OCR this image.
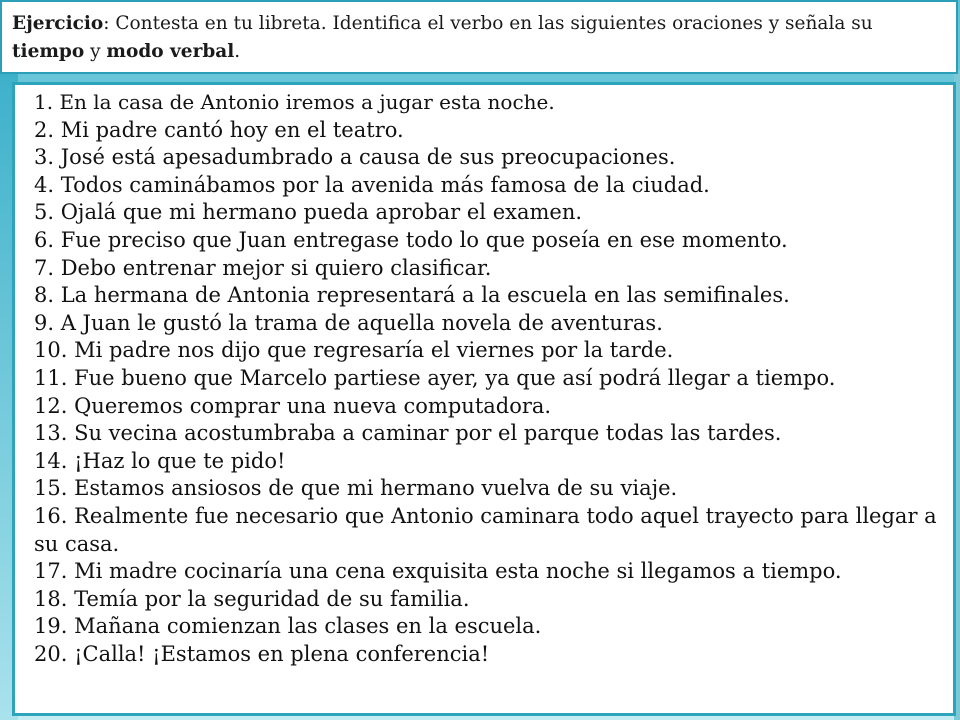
Ejercicio: Contesta en tu libreta. Identifica el verbo en las siguientes oraciones y señala su tiempo y modo verbal.
1. En la casa de Antonio iremos a jugar esta noche.
2. Mi padre cantó hoy en el teatro.
3. José está apesadumbrado a causa de sus preocupaciones.
4. Todos caminábamos por la avenida más famosa de la ciudad.
5. Ojalá que mi hermano pueda aprobar el examen.
6. Fue preciso que Juan entregase todo lo que poseía en ese momento.
7. Debo entrenar mejor si quiero clasificar.
8. La hermana de Antonia representará a la escuela en las semifinales.
9. A Juan le gustó la trama de aquella novela de aventuras.
10. Mi padre nos dijo que regresaría el viernes por la tarde.
11. Fue bueno que Marcelo partiese ayer, ya que así podrá llegar a tiempo.
12. Queremos comprar una nueva computadora.
13. Su vecina acostumbraba a caminar por el parque todas las tardes.
14. ¡Haz lo que te pido!
15. Estamos ansiosos de que mi hermano vuelva de su viaje.
16. Realmente fue necesario que Antonio caminara todo aquel trayecto para llegar a su casa.
17. Mi madre cocinaría una cena exquisita esta noche si llegamos a tiempo.
18. Temía por la seguridad de su familia.
19. Mañana comienzan las clases en la escuela.
20. ¡Calla! ¡Estamos en plena conferencia!
